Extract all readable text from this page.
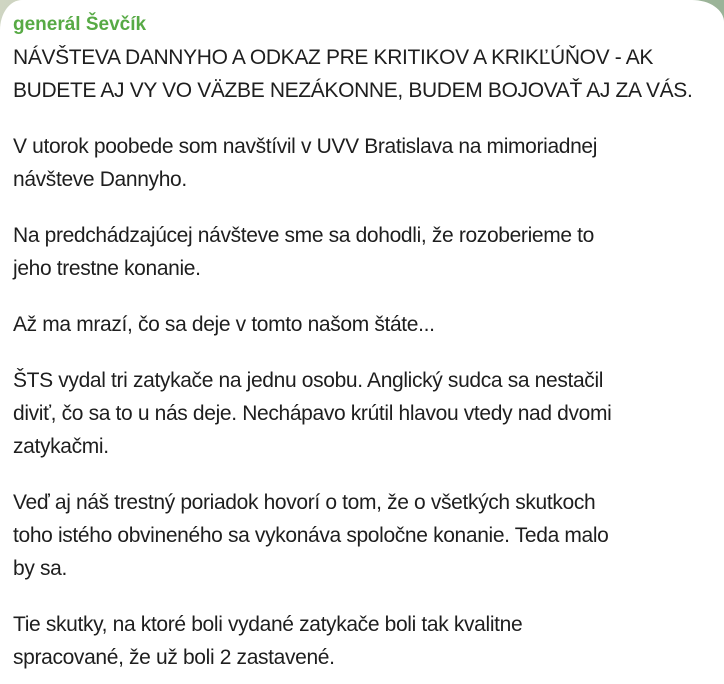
generál Ševčík
NÁVŠTEVA DANNYHO A ODKAZ PRE KRITIKOV A KRIKĽÚŇOV - AK
BUDETE AJ VY VO VÄZBE NEZÁKONNE, BUDEM BOJOVAŤ AJ ZA VÁS.
V utorok poobede som navštívil v UVV Bratislava na mimoriadnej
návšteve Dannyho.
Na predchádzajúcej návšteve sme sa dohodli, že rozoberieme to
jeho trestne konanie.
Až ma mrazí, čo sa deje v tomto našom štáte...
ŠTS vydal tri zatykače na jednu osobu. Anglický sudca sa nestačil
diviť, čo sa to u nás deje. Nechápavo krútil hlavou vtedy nad dvomi
zatykačmi.
Veď aj náš trestný poriadok hovorí o tom, že o všetkých skutkoch
toho istého obvineného sa vykonáva spoločne konanie. Teda malo
by sa.
Tie skutky, na ktoré boli vydané zatykače boli tak kvalitne
spracované, že už boli 2 zastavené.
